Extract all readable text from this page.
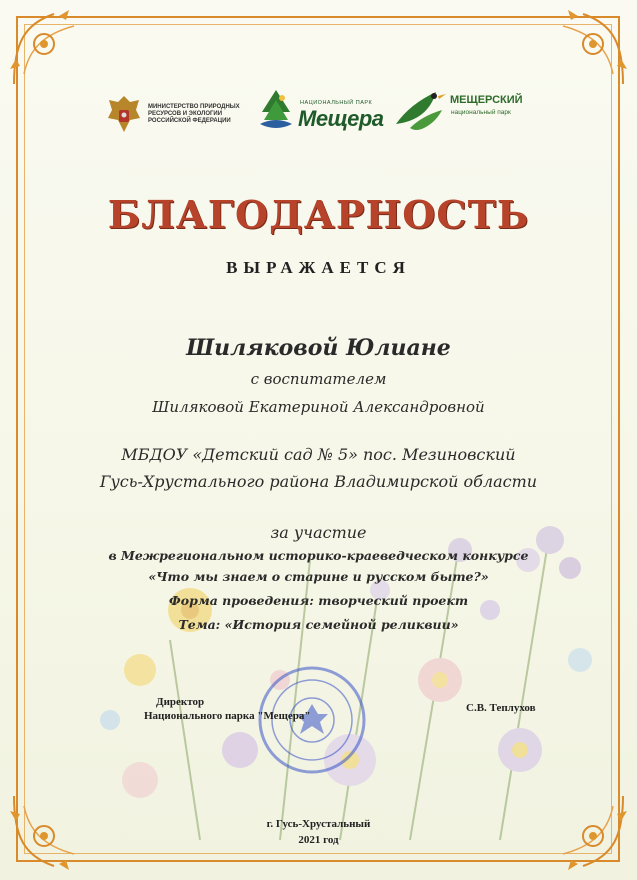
МИНИСТЕРСТВО ПРИРОДНЫХ РЕСУРСОВ И ЭКОЛОГИИ РОССИЙСКОЙ ФЕДЕРАЦИИ
НАЦИОНАЛЬНЫЙ ПАРК
Мещера
МЕЩЕРСКИЙ
национальный парк
БЛАГОДАРНОСТЬ
ВЫРАЖАЕТСЯ
Шиляковой Юлиане
с воспитателем
Шиляковой Екатериной Александровной
МБДОУ «Детский сад № 5» пос. Мезиновский
Гусь-Хрустального района Владимирской области
за участие
в Межрегиональном историко-краеведческом конкурсе
«Что мы знаем о старине и русском быте?»
Форма проведения: творческий проект
Тема: «История семейной реликвии»
Директор
Национального парка "Мещера"
С.В. Теплухов
г. Гусь-Хрустальный
2021 год
